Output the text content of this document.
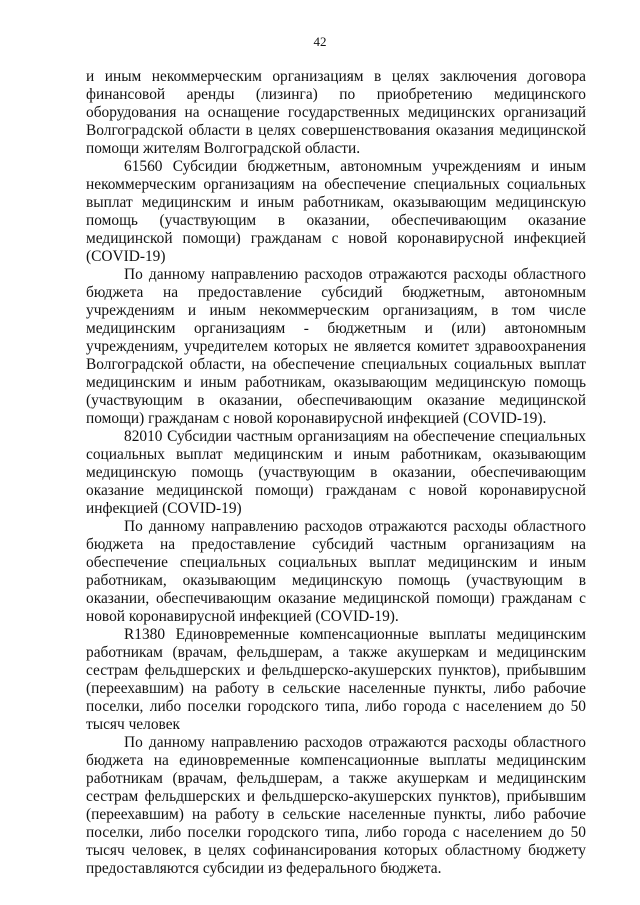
42

и иным некоммерческим организациям в целях заключения договора финансовой аренды (лизинга) по приобретению медицинского оборудования на оснащение государственных медицинских организаций Волгоградской области в целях совершенствования оказания медицинской помощи жителям Волгоградской области.

61560 Субсидии бюджетным, автономным учреждениям и иным некоммерческим организациям на обеспечение специальных социальных выплат медицинским и иным работникам, оказывающим медицинскую помощь (участвующим в оказании, обеспечивающим оказание медицинской помощи) гражданам с новой коронавирусной инфекцией (COVID-19)

По данному направлению расходов отражаются расходы областного бюджета на предоставление субсидий бюджетным, автономным учреждениям и иным некоммерческим организациям, в том числе медицинским организациям - бюджетным и (или) автономным учреждениям, учредителем которых не является комитет здравоохранения Волгоградской области, на обеспечение специальных социальных выплат медицинским и иным работникам, оказывающим медицинскую помощь (участвующим в оказании, обеспечивающим оказание медицинской помощи) гражданам с новой коронавирусной инфекцией (COVID-19).

82010 Субсидии частным организациям на обеспечение специальных социальных выплат медицинским и иным работникам, оказывающим медицинскую помощь (участвующим в оказании, обеспечивающим оказание медицинской помощи) гражданам с новой коронавирусной инфекцией (COVID-19)

По данному направлению расходов отражаются расходы областного бюджета на предоставление субсидий частным организациям на обеспечение специальных социальных выплат медицинским и иным работникам, оказывающим медицинскую помощь (участвующим в оказании, обеспечивающим оказание медицинской помощи) гражданам с новой коронавирусной инфекцией (COVID-19).

R1380 Единовременные компенсационные выплаты медицинским работникам (врачам, фельдшерам, а также акушеркам и медицинским сестрам фельдшерских и фельдшерско-акушерских пунктов), прибывшим (переехавшим) на работу в сельские населенные пункты, либо рабочие поселки, либо поселки городского типа, либо города с населением до 50 тысяч человек

По данному направлению расходов отражаются расходы областного бюджета на единовременные компенсационные выплаты медицинским работникам (врачам, фельдшерам, а также акушеркам и медицинским сестрам фельдшерских и фельдшерско-акушерских пунктов), прибывшим (переехавшим) на работу в сельские населенные пункты, либо рабочие поселки, либо поселки городского типа, либо города с населением до 50 тысяч человек, в целях софинансирования которых областному бюджету предоставляются субсидии из федерального бюджета.
